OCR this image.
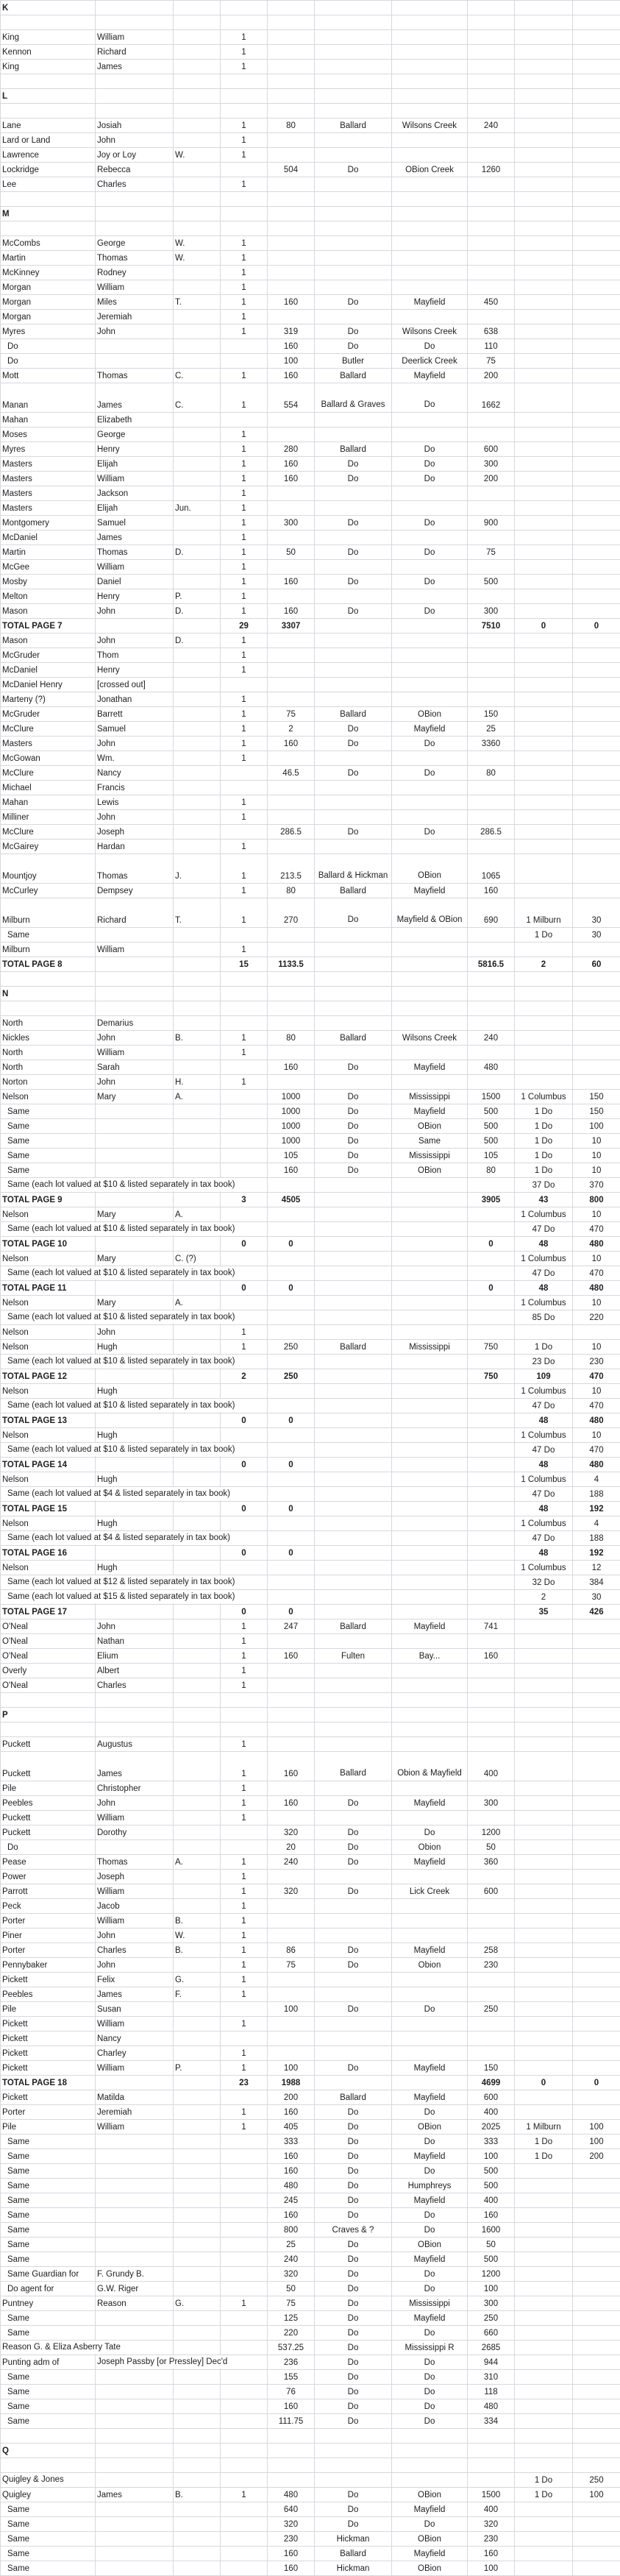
K									

King	William		1						
Kennon	Richard		1						
King	James		1						

L									

Lane	Josiah		1	80	Ballard	Wilsons Creek	240		
Lard or Land	John		1						
Lawrence	Joy or Loy	W.	1						
Lockridge	Rebecca			504	Do	OBion Creek	1260		
Lee	Charles		1						

M									

McCombs	George	W.	1						
Martin	Thomas	W.	1						
McKinney	Rodney		1						
Morgan	William		1						
Morgan	Miles	T.	1	160	Do	Mayfield	450		
Morgan	Jeremiah		1						
Myres	John		1	319	Do	Wilsons Creek	638		
Do				160	Do	Do	110		
Do				100	Butler	Deerlick Creek	75		
Mott	Thomas	C.	1	160	Ballard	Mayfield	200		
Manan	James	C.	1	554	Ballard & Graves	Do	1662		
Mahan	Elizabeth								
Moses	George		1						
Myres	Henry		1	280	Ballard	Do	600		
Masters	Elijah		1	160	Do	Do	300		
Masters	William		1	160	Do	Do	200		
Masters	Jackson		1						
Masters	Elijah	Jun.	1						
Montgomery	Samuel		1	300	Do	Do	900		
McDaniel	James		1						
Martin	Thomas	D.	1	50	Do	Do	75		
McGee	William		1						
Mosby	Daniel		1	160	Do	Do	500		
Melton	Henry	P.	1						
Mason	John	D.	1	160	Do	Do	300		
TOTAL PAGE 7			29	3307			7510	0	0
Mason	John	D.	1						
McGruder	Thom		1						
McDaniel	Henry		1						
McDaniel Henry	[crossed out]								
Marteny (?)	Jonathan		1						
McGruder	Barrett		1	75	Ballard	OBion	150		
McClure	Samuel		1	2	Do	Mayfield	25		
Masters	John		1	160	Do	Do	3360		
McGowan	Wm.		1						
McClure	Nancy			46.5	Do	Do	80		
Michael	Francis								
Mahan	Lewis		1						
Milliner	John		1						
McClure	Joseph			286.5	Do	Do	286.5		
McGairey	Hardan		1						
Mountjoy	Thomas	J.	1	213.5	Ballard & Hickman	OBion	1065		
McCurley	Dempsey		1	80	Ballard	Mayfield	160		
Milburn	Richard	T.	1	270	Do	Mayfield & OBion	690	1 Milburn	30
Same								1 Do	30
Milburn	William		1						
TOTAL PAGE 8			15	1133.5			5816.5	2	60

N									

North	Demarius								
Nickles	John	B.	1	80	Ballard	Wilsons Creek	240		
North	William		1						
North	Sarah			160	Do	Mayfield	480		
Norton	John	H.	1						
Nelson	Mary	A.		1000	Do	Mississippi	1500	1 Columbus	150
Same				1000	Do	Mayfield	500	1 Do	150
Same				1000	Do	OBion	500	1 Do	100
Same				1000	Do	Same	500	1 Do	10
Same				105	Do	Mississippi	105	1 Do	10
Same				160	Do	OBion	80	1 Do	10

Same (each lot valued at $10 & listed separately in tax book)								37 Do	370
TOTAL PAGE 9			3	4505			3905	43	800
Nelson	Mary	A.						1 Columbus	10

Same (each lot valued at $10 & listed separately in tax book)								47 Do	470
TOTAL PAGE 10			0	0			0	48	480
Nelson	Mary	C. (?)						1 Columbus	10

Same (each lot valued at $10 & listed separately in tax book)								47 Do	470
TOTAL PAGE 11			0	0			0	48	480
Nelson	Mary	A.						1 Columbus	10

Same (each lot valued at $10 & listed separately in tax book)								85 Do	220
Nelson	John		1						
Nelson	Hugh		1	250	Ballard	Mississippi	750	1 Do	10

Same (each lot valued at $10 & listed separately in tax book)								23 Do	230
TOTAL PAGE 12			2	250			750	109	470
Nelson	Hugh							1 Columbus	10

Same (each lot valued at $10 & listed separately in tax book)								47 Do	470
TOTAL PAGE 13			0	0				48	480
Nelson	Hugh							1 Columbus	10

Same (each lot valued at $10 & listed separately in tax book)								47 Do	470
TOTAL PAGE 14			0	0				48	480
Nelson	Hugh							1 Columbus	4

Same (each lot valued at $4 & listed separately in tax book)								47 Do	188
TOTAL PAGE 15			0	0				48	192
Nelson	Hugh							1 Columbus	4

Same (each lot valued at $4 & listed separately in tax book)								47 Do	188
TOTAL PAGE 16			0	0				48	192
Nelson	Hugh							1 Columbus	12

Same (each lot valued at $12 & listed separately in tax book)								32 Do	384

Same (each lot valued at $15 & listed separately in tax book)								2	30
TOTAL PAGE 17			0	0				35	426
O'Neal	John		1	247	Ballard	Mayfield	741		
O'Neal	Nathan		1						
O'Neal	Elium		1	160	Fulten	Bay...	160		
Overly	Albert		1						
O'Neal	Charles		1						

P									

Puckett	Augustus		1						
Puckett	James		1	160	Ballard	Obion & Mayfield	400		
Pile	Christopher		1						
Peebles	John		1	160	Do	Mayfield	300		
Puckett	William		1						
Puckett	Dorothy			320	Do	Do	1200		
Do				20	Do	Obion	50		
Pease	Thomas	A.	1	240	Do	Mayfield	360		
Power	Joseph		1						
Parrott	William		1	320	Do	Lick Creek	600		
Peck	Jacob		1						
Porter	William	B.	1						
Piner	John	W.	1						
Porter	Charles	B.	1	86	Do	Mayfield	258		
Pennybaker	John		1	75	Do	Obion	230		
Pickett	Felix	G.	1						
Peebles	James	F.	1						
Pile	Susan			100	Do	Do	250		
Pickett	William		1						
Pickett	Nancy								
Pickett	Charley		1						
Pickett	William	P.	1	100	Do	Mayfield	150		
TOTAL PAGE 18			23	1988			4699	0	0
Pickett	Matilda			200	Ballard	Mayfield	600		
Porter	Jeremiah		1	160	Do	Do	400		
Pile	William		1	405	Do	OBion	2025	1 Milburn	100
Same				333	Do	Do	333	1 Do	100
Same				160	Do	Mayfield	100	1 Do	200
Same				160	Do	Do	500		
Same				480	Do	Humphreys	500		
Same				245	Do	Mayfield	400		
Same				160	Do	Do	160		
Same				800	Craves & ?	Do	1600		
Same				25	Do	OBion	50		
Same				240	Do	Mayfield	500		
Same Guardian for	F. Grundy B.			320	Do	Do	1200		
Do agent for	G.W. Riger			50	Do	Do	100		
Puntney	Reason	G.	1	75	Do	Mississippi	300		
Same				125	Do	Mayfield	250		
Same				220	Do	Do	660		

Reason G. & Eliza Asberry Tate				537.25	Do	Mississippi R	2685		
Punting adm of	Joseph Passby [or Pressley] Dec'd			236	Do	Do	944		
Same				155	Do	Do	310		
Same				76	Do	Do	118		
Same				160	Do	Do	480		
Same				111.75	Do	Do	334		

Q									

Quigley & Jones								1 Do	250
Quigley	James	B.	1	480	Do	OBion	1500	1 Do	100
Same				640	Do	Mayfield	400		
Same				320	Do	Do	320		
Same				230	Hickman	OBion	230		
Same				160	Ballard	Mayfield	160		
Same				160	Hickman	OBion	100		
